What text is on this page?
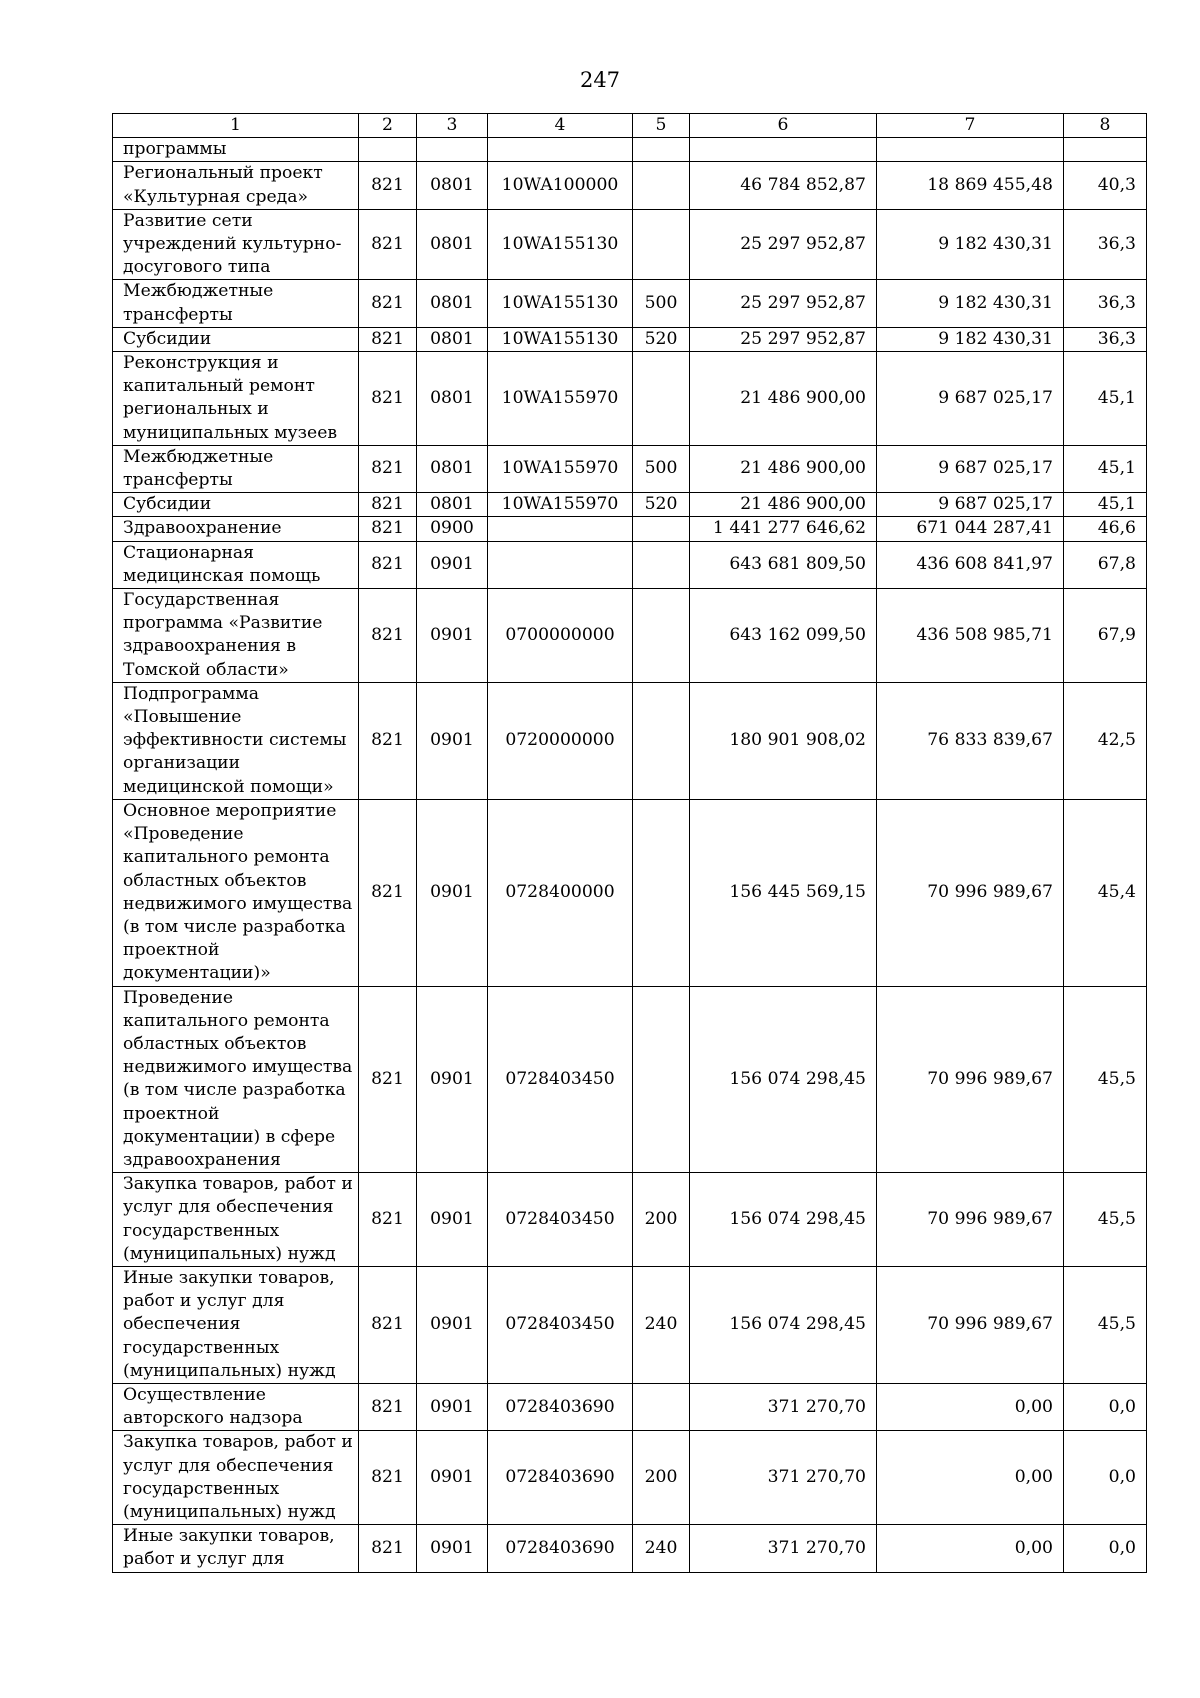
247
1	2	3	4	5	6	7	8
программы							
Региональный проект «Культурная среда»	821	0801	10WA100000		46 784 852,87	18 869 455,48	40,3
Развитие сети учреждений культурно-досугового типа	821	0801	10WA155130		25 297 952,87	9 182 430,31	36,3
Межбюджетные трансферты	821	0801	10WA155130	500	25 297 952,87	9 182 430,31	36,3
Субсидии	821	0801	10WA155130	520	25 297 952,87	9 182 430,31	36,3
Реконструкция и капитальный ремонт региональных и муниципальных музеев	821	0801	10WA155970		21 486 900,00	9 687 025,17	45,1
Межбюджетные трансферты	821	0801	10WA155970	500	21 486 900,00	9 687 025,17	45,1
Субсидии	821	0801	10WA155970	520	21 486 900,00	9 687 025,17	45,1
Здравоохранение	821	0900			1 441 277 646,62	671 044 287,41	46,6
Стационарная медицинская помощь	821	0901			643 681 809,50	436 608 841,97	67,8
Государственная программа «Развитие здравоохранения в Томской области»	821	0901	0700000000		643 162 099,50	436 508 985,71	67,9
Подпрограмма «Повышение эффективности системы организации медицинской помощи»	821	0901	0720000000		180 901 908,02	76 833 839,67	42,5
Основное мероприятие «Проведение капитального ремонта областных объектов недвижимого имущества (в том числе разработка проектной документации)»	821	0901	0728400000		156 445 569,15	70 996 989,67	45,4
Проведение капитального ремонта областных объектов недвижимого имущества (в том числе разработка проектной документации) в сфере здравоохранения	821	0901	0728403450		156 074 298,45	70 996 989,67	45,5
Закупка товаров, работ и услуг для обеспечения государственных (муниципальных) нужд	821	0901	0728403450	200	156 074 298,45	70 996 989,67	45,5
Иные закупки товаров, работ и услуг для обеспечения государственных (муниципальных) нужд	821	0901	0728403450	240	156 074 298,45	70 996 989,67	45,5
Осуществление авторского надзора	821	0901	0728403690		371 270,70	0,00	0,0
Закупка товаров, работ и услуг для обеспечения государственных (муниципальных) нужд	821	0901	0728403690	200	371 270,70	0,00	0,0
Иные закупки товаров, работ и услуг для	821	0901	0728403690	240	371 270,70	0,00	0,0
